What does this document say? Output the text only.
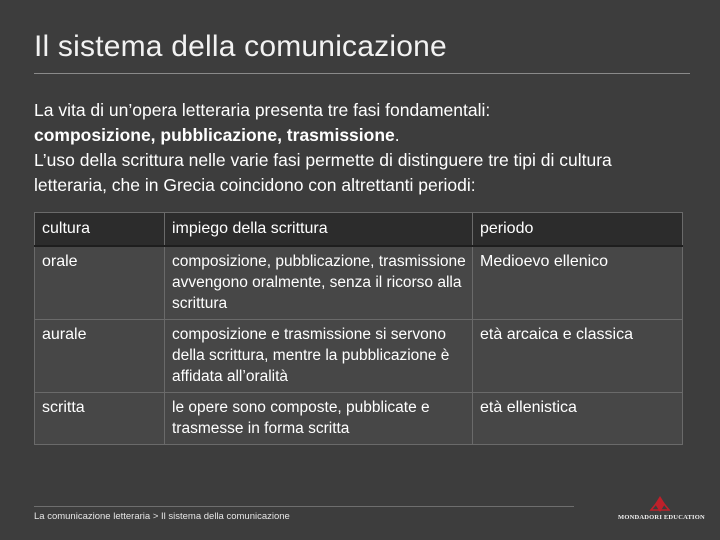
Il sistema della comunicazione
La vita di un’opera letteraria presenta tre fasi fondamentali:
composizione, pubblicazione, trasmissione.
L’uso della scrittura nelle varie fasi permette di distinguere tre tipi di cultura letteraria, che in Grecia coincidono con altrettanti periodi:
cultura	impiego della scrittura	periodo
orale	composizione, pubblicazione, trasmissione avvengono oralmente, senza il ricorso alla scrittura	Medioevo ellenico
aurale	composizione e trasmissione si servono della scrittura, mentre la pubblicazione è affidata all’oralità	età arcaica e classica
scritta	le opere sono composte, pubblicate e trasmesse in forma scritta	età ellenistica
La comunicazione letteraria > Il sistema della comunicazione	MONDADORI EDUCATION
